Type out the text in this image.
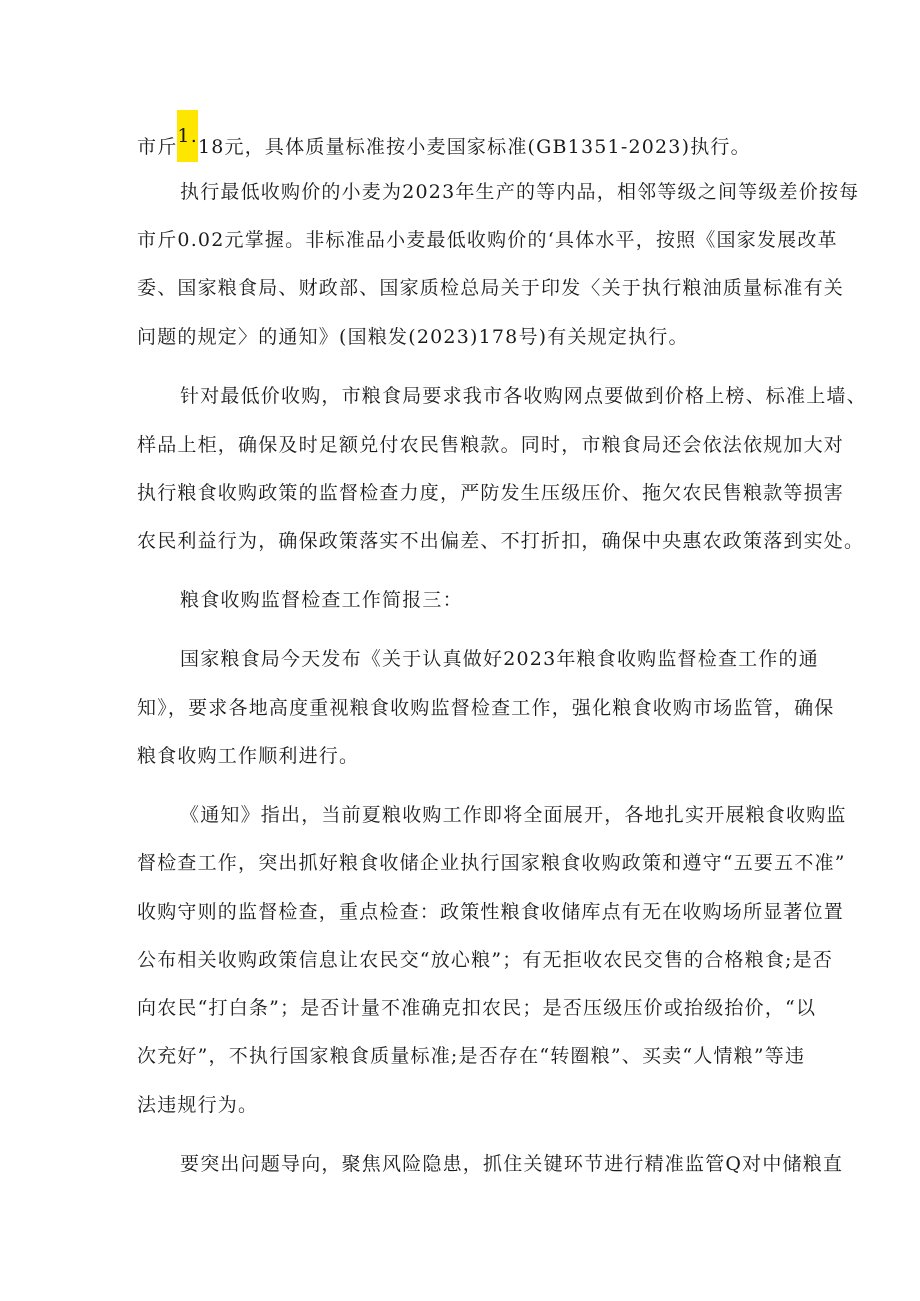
市斤1.18元，具体质量标准按小麦国家标准(GB1351-2023)执行。
执行最低收购价的小麦为2023年生产的等内品，相邻等级之间等级差价按每
市斤0.02元掌握。非标准品小麦最低收购价的‘具体水平，按照《国家发展改革
委、国家粮食局、财政部、国家质检总局关于印发〈关于执行粮油质量标准有关
问题的规定〉的通知》(国粮发(2023)178号)有关规定执行。
针对最低价收购，市粮食局要求我市各收购网点要做到价格上榜、标准上墙、
样品上柜，确保及时足额兑付农民售粮款。同时，市粮食局还会依法依规加大对
执行粮食收购政策的监督检查力度，严防发生压级压价、拖欠农民售粮款等损害
农民利益行为，确保政策落实不出偏差、不打折扣，确保中央惠农政策落到实处。
粮食收购监督检查工作简报三：
国家粮食局今天发布《关于认真做好2023年粮食收购监督检查工作的通
知》，要求各地高度重视粮食收购监督检查工作，强化粮食收购市场监管，确保
粮食收购工作顺利进行。
《通知》指出，当前夏粮收购工作即将全面展开，各地扎实开展粮食收购监
督检查工作，突出抓好粮食收储企业执行国家粮食收购政策和遵守“五要五不准”
收购守则的监督检查，重点检查：政策性粮食收储库点有无在收购场所显著位置
公布相关收购政策信息让农民交“放心粮”；有无拒收农民交售的合格粮食;是否
向农民“打白条”；是否计量不准确克扣农民；是否压级压价或抬级抬价，“以
次充好”，不执行国家粮食质量标准;是否存在“转圈粮”、买卖“人情粮”等违
法违规行为。
要突出问题导向，聚焦风险隐患，抓住关键环节进行精准监管Q对中储粮直
